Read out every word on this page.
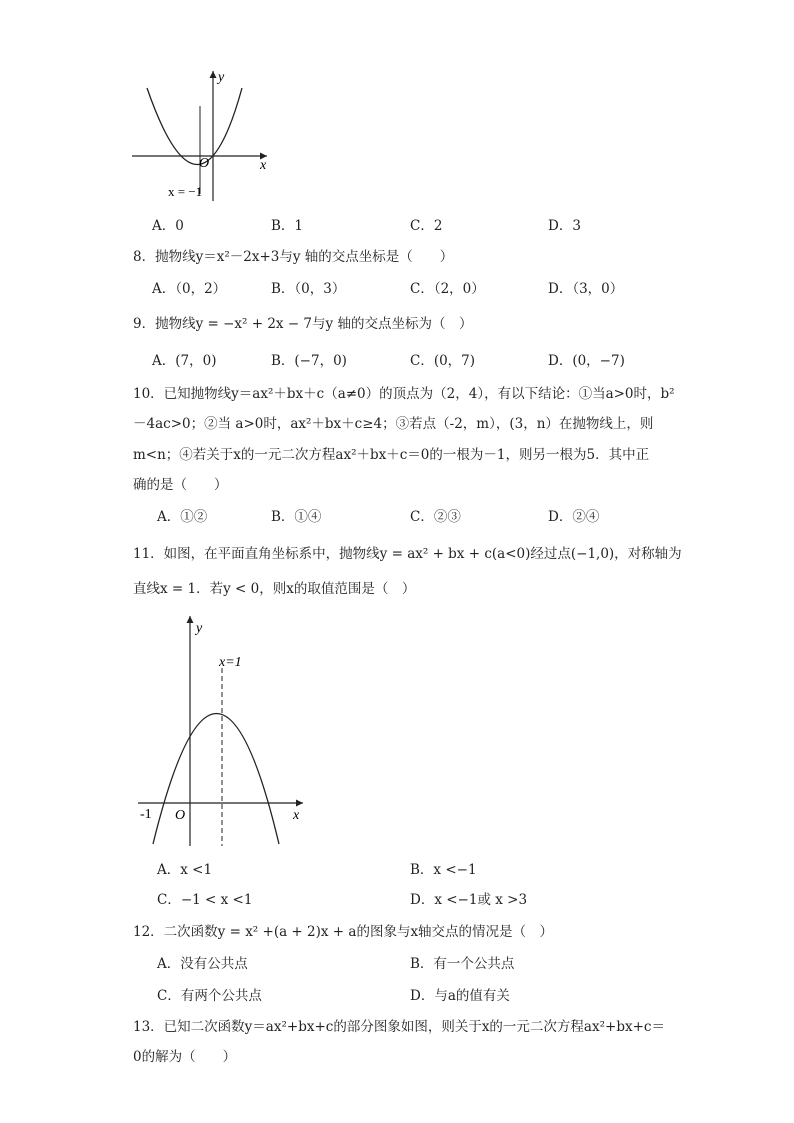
y
x
O
x = −1
A．0	B．1	C．2	D．3
8．抛物线y＝x²－2x+3与y 轴的交点坐标是（　　）
A．（0，2）	B．（0，3）	C．（2，0）	D．（3，0）
9．抛物线y = −x² + 2x − 7与y 轴的交点坐标为（　）
A．(7，0)	B．(−7，0)	C．(0，7)	D．(0，−7)
10．已知抛物线y＝ax²＋bx＋c（a≠0）的顶点为（2，4），有以下结论：①当a>0时，b²
－4ac>0；②当 a>0时，ax²＋bx＋c≥4；③若点（-2，m），(3，n）在抛物线上，则
m<n；④若关于x的一元二次方程ax²＋bx＋c＝0的一根为－1，则另一根为5．其中正
确的是（　　）
A．①②	B．①④	C．②③	D．②④
11．如图，在平面直角坐标系中，抛物线y = ax² + bx + c(a<0)经过点(−1,0)，对称轴为
直线x = 1．若y < 0，则x的取值范围是（　）
y
x
O
x=1
-1
A．x <1	B．x <−1
C．−1 < x <1	D．x <−1或 x >3
12．二次函数y = x² +(a + 2)x + a的图象与x轴交点的情况是（　）
A．没有公共点	B．有一个公共点
C．有两个公共点	D．与a的值有关
13．已知二次函数y＝ax²+bx+c的部分图象如图，则关于x的一元二次方程ax²+bx+c＝
0的解为（　　）
